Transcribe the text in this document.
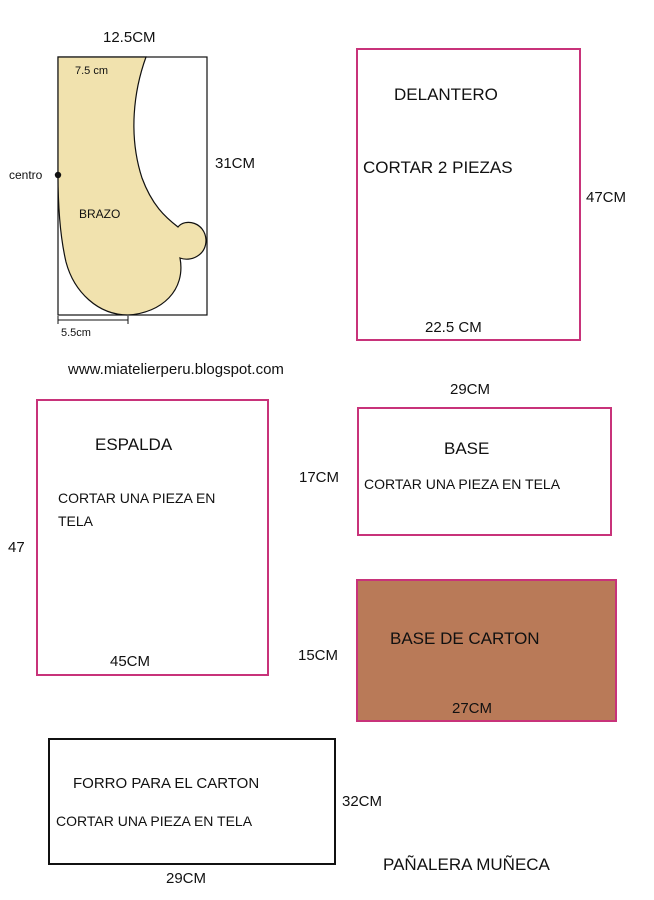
12.5CM
7.5 cm
31CM
centro
BRAZO
5.5cm
www.miatelierperu.blogspot.com
DELANTERO
CORTAR 2 PIEZAS
47CM
22.5 CM
ESPALDA
CORTAR UNA PIEZA EN
TELA
47
45CM
29CM
BASE
CORTAR UNA PIEZA EN TELA
17CM
BASE DE CARTON
15CM
27CM
FORRO PARA EL CARTON
CORTAR UNA PIEZA EN TELA
32CM
29CM
PAÑALERA MUÑECA
